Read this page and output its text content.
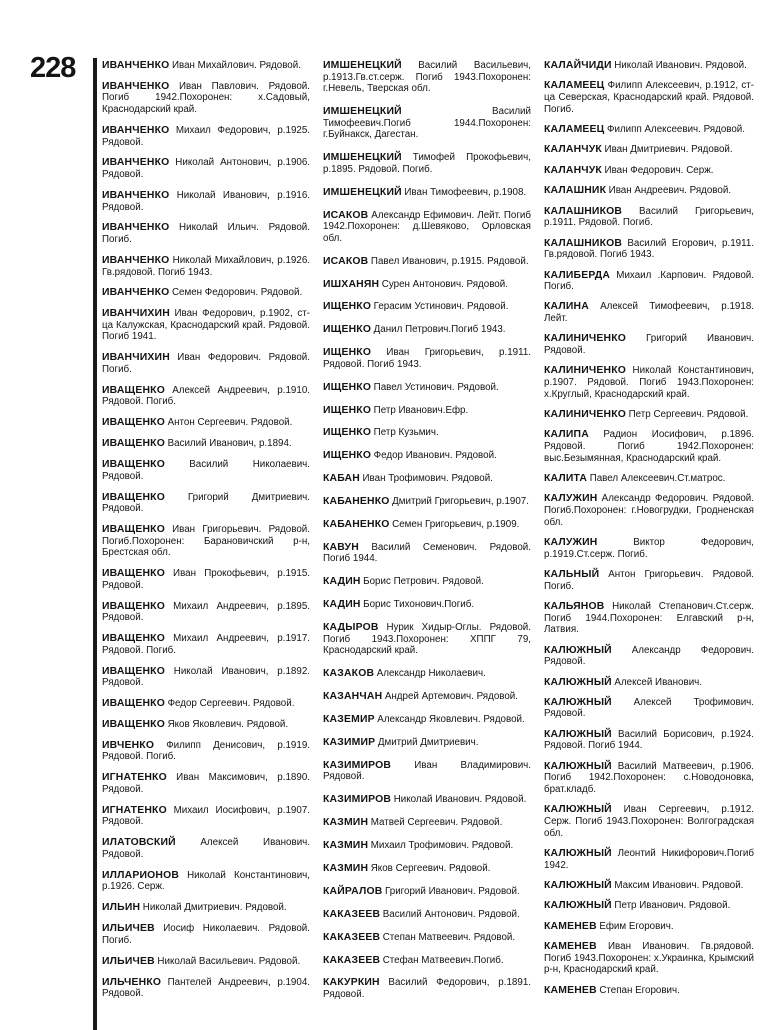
228	ИВАНЧЕНКО Иван Михайлович. Рядовой.

ИВАНЧЕНКО Иван Павлович. Рядовой. Погиб 1942.Похоронен: х.Садовый, Краснодарский край.

ИВАНЧЕНКО Михаил Федорович, р.1925. Рядовой.

ИВАНЧЕНКО Николай Антонович, р.1906. Рядовой.

ИВАНЧЕНКО Николай Иванович, р.1916. Рядовой.

ИВАНЧЕНКО Николай Ильич. Рядовой. Погиб.

ИВАНЧЕНКО Николай Михайлович, р.1926. Гв.рядовой. Погиб 1943.

ИВАНЧЕНКО Семен Федорович. Рядовой.

ИВАНЧИХИН Иван Федорович, р.1902, ст-ца Калужская, Краснодарский край. Рядовой. Погиб 1941.

ИВАНЧИХИН Иван Федорович. Рядовой. Погиб.

ИВАЩЕНКО Алексей Андреевич, р.1910. Рядовой. Погиб.

ИВАЩЕНКО Антон Сергеевич. Рядовой.

ИВАЩЕНКО Василий Иванович, р.1894.

ИВАЩЕНКО Василий Николаевич. Рядовой.

ИВАЩЕНКО Григорий Дмитриевич. Рядовой.

ИВАЩЕНКО Иван Григорьевич. Рядовой. Погиб.Похоронен: Барановичский р-н, Брестская обл.

ИВАЩЕНКО Иван Прокофьевич, р.1915. Рядовой.

ИВАЩЕНКО Михаил Андреевич, р.1895. Рядовой.

ИВАЩЕНКО Михаил Андреевич, р.1917. Рядовой. Погиб.

ИВАЩЕНКО Николай Иванович, р.1892. Рядовой.

ИВАЩЕНКО Федор Сергеевич. Рядовой.

ИВАЩЕНКО Яков Яковлевич. Рядовой.

ИВЧЕНКО Филипп Денисович, р.1919. Рядовой. Погиб.

ИГНАТЕНКО Иван Максимович, р.1890. Рядовой.

ИГНАТЕНКО Михаил Иосифович, р.1907. Рядовой.

ИЛАТОВСКИЙ	Алексей Иванович. Рядовой.

ИЛЛАРИОНОВ Николай Константинович, р.1926. Серж.

ИЛЬИН Николай Дмитриевич. Рядовой.

ИЛЬИЧЕВ Иосиф Николаевич. Рядовой. Погиб.

ИЛЬИЧЕВ Николай Васильевич. Рядовой.

ИЛЬЧЕНКО Пантелей Андреевич, р.1904. Рядовой.

ИМШЕНЕЦКИЙ Василий Васильевич, р.1913.Гв.ст.серж. Погиб 1943.Похоронен: г.Невель, Тверская обл.

ИМШЕНЕЦКИЙ	Василий Тимофеевич.Погиб 1944.Похоронен: г.Буйнакск, Дагестан.

ИМШЕНЕЦКИЙ Тимофей Прокофьевич, р.1895. Рядовой. Погиб.

ИМШЕНЕЦКИЙ Иван Тимофеевич, р.1908.

ИСАКОВ Александр Ефимович. Лейт. Погиб 1942.Похоронен: д.Шевяково, Орловская обл.

ИСАКОВ Павел Иванович, р.1915. Рядовой.

ИШХАНЯН Сурен Антонович. Рядовой.

ИЩЕНКО Герасим Устинович. Рядовой.

ИЩЕНКО Данил Петрович.Погиб 1943.

ИЩЕНКО Иван Григорьевич, р.1911. Рядовой. Погиб 1943.

ИЩЕНКО Павел Устинович. Рядовой.

ИЩЕНКО Петр Иванович.Ефр.

ИЩЕНКО Петр Кузьмич.

ИЩЕНКО Федор Иванович. Рядовой.

КАБАН Иван Трофимович. Рядовой.

КАБАНЕНКО Дмитрий Григорьевич, р.1907.

КАБАНЕНКО Семен Григорьевич, р.1909.

КАВУН Василий Семенович. Рядовой. Погиб 1944.

КАДИН Борис Петрович. Рядовой.

КАДИН Борис Тихонович.Погиб.

КАДЫРОВ Нурик Хидыр-Оглы. Рядовой. Погиб 1943.Похоронен: ХППГ 79, Краснодарский край.

КАЗАКОВ Александр Николаевич.

КАЗАНЧАН Андрей Артемович. Рядовой.

КАЗЕМИР Александр Яковлевич. Рядовой.

КАЗИМИР Дмитрий Дмитриевич.

КАЗИМИРОВ Иван Владимирович. Рядовой.

КАЗИМИРОВ Николай Иванович. Рядовой.

КАЗМИН Матвей Сергеевич. Рядовой.

КАЗМИН Михаил Трофимович. Рядовой.

КАЗМИН Яков Сергеевич. Рядовой.

КАЙРАЛОВ Григорий Иванович. Рядовой.

КАКАЗЕЕВ Василий Антонович. Рядовой.

КАКАЗЕЕВ Степан Матвеевич. Рядовой.

КАКАЗЕЕВ Стефан Матвеевич.Погиб.

КАКУРКИН Василий Федорович, р.1891. Рядовой.

КАЛАЙЧИДИ Николай Иванович. Рядовой.

КАЛАМЕЕЦ Филипп Алексеевич, р.1912, ст-ца Северская, Краснодарский край. Рядовой. Погиб.

КАЛАМЕЕЦ Филипп Алексеевич. Рядовой.

КАЛАНЧУК Иван Дмитриевич. Рядовой.

КАЛАНЧУК Иван Федорович. Серж.

КАЛАШНИК Иван Андреевич. Рядовой.

КАЛАШНИКОВ Василий Григорьевич, р.1911. Рядовой. Погиб.

КАЛАШНИКОВ Василий Егорович, р.1911. Гв.рядовой. Погиб 1943.

КАЛИБЕРДА Михаил .Карпович. Рядовой. Погиб.

КАЛИНА Алексей Тимофеевич, р.1918. Лейт.

КАЛИНИЧЕНКО Григорий Иванович. Рядовой.

КАЛИНИЧЕНКО Николай Константинович, р.1907. Рядовой. Погиб 1943.Похоронен: х.Круглый, Краснодарский край.

КАЛИНИЧЕНКО Петр Сергеевич. Рядовой.

КАЛИПА Радион Иосифович, р.1896. Рядовой. Погиб 1942.Похоронен: выс.Безымянная, Краснодарский край.

КАЛИТА Павел Алексеевич.Ст.матрос.

КАЛУЖИН Александр Федорович. Рядовой. Погиб.Похоронен: г.Новогрудки, Гродненская обл.

КАЛУЖИН	Виктор Федорович, р.1919.Ст.серж. Погиб.

КАЛЬНЫЙ Антон Григорьевич. Рядовой. Погиб.

КАЛЬЯНОВ Николай Степанович.Ст.серж. Погиб 1944.Похоронен: Елгавский р-н, Латвия.

КАЛЮЖНЫЙ Александр Федорович. Рядовой.

КАЛЮЖНЫЙ Алексей Иванович.

КАЛЮЖНЫЙ Алексей Трофимович. Рядовой.

КАЛЮЖНЫЙ Василий Борисович, р.1924. Рядовой. Погиб 1944.

КАЛЮЖНЫЙ Василий Матвеевич, р.1906. Погиб 1942.Похоронен: с.Новодоновка, брат.кладб.

КАЛЮЖНЫЙ Иван Сергеевич, р.1912. Серж. Погиб 1943.Похоронен: Волгоградская обл.

КАЛЮЖНЫЙ Леонтий Никифорович.Погиб 1942.

КАЛЮЖНЫЙ Максим Иванович. Рядовой.

КАЛЮЖНЫЙ Петр Иванович. Рядовой.

КАМЕНЕВ Ефим Егорович.

КАМЕНЕВ Иван Иванович. Гв.рядовой. Погиб 1943.Похоронен: х.Украинка, Крымский р-н, Краснодарский край.

КАМЕНЕВ Степан Егорович.
